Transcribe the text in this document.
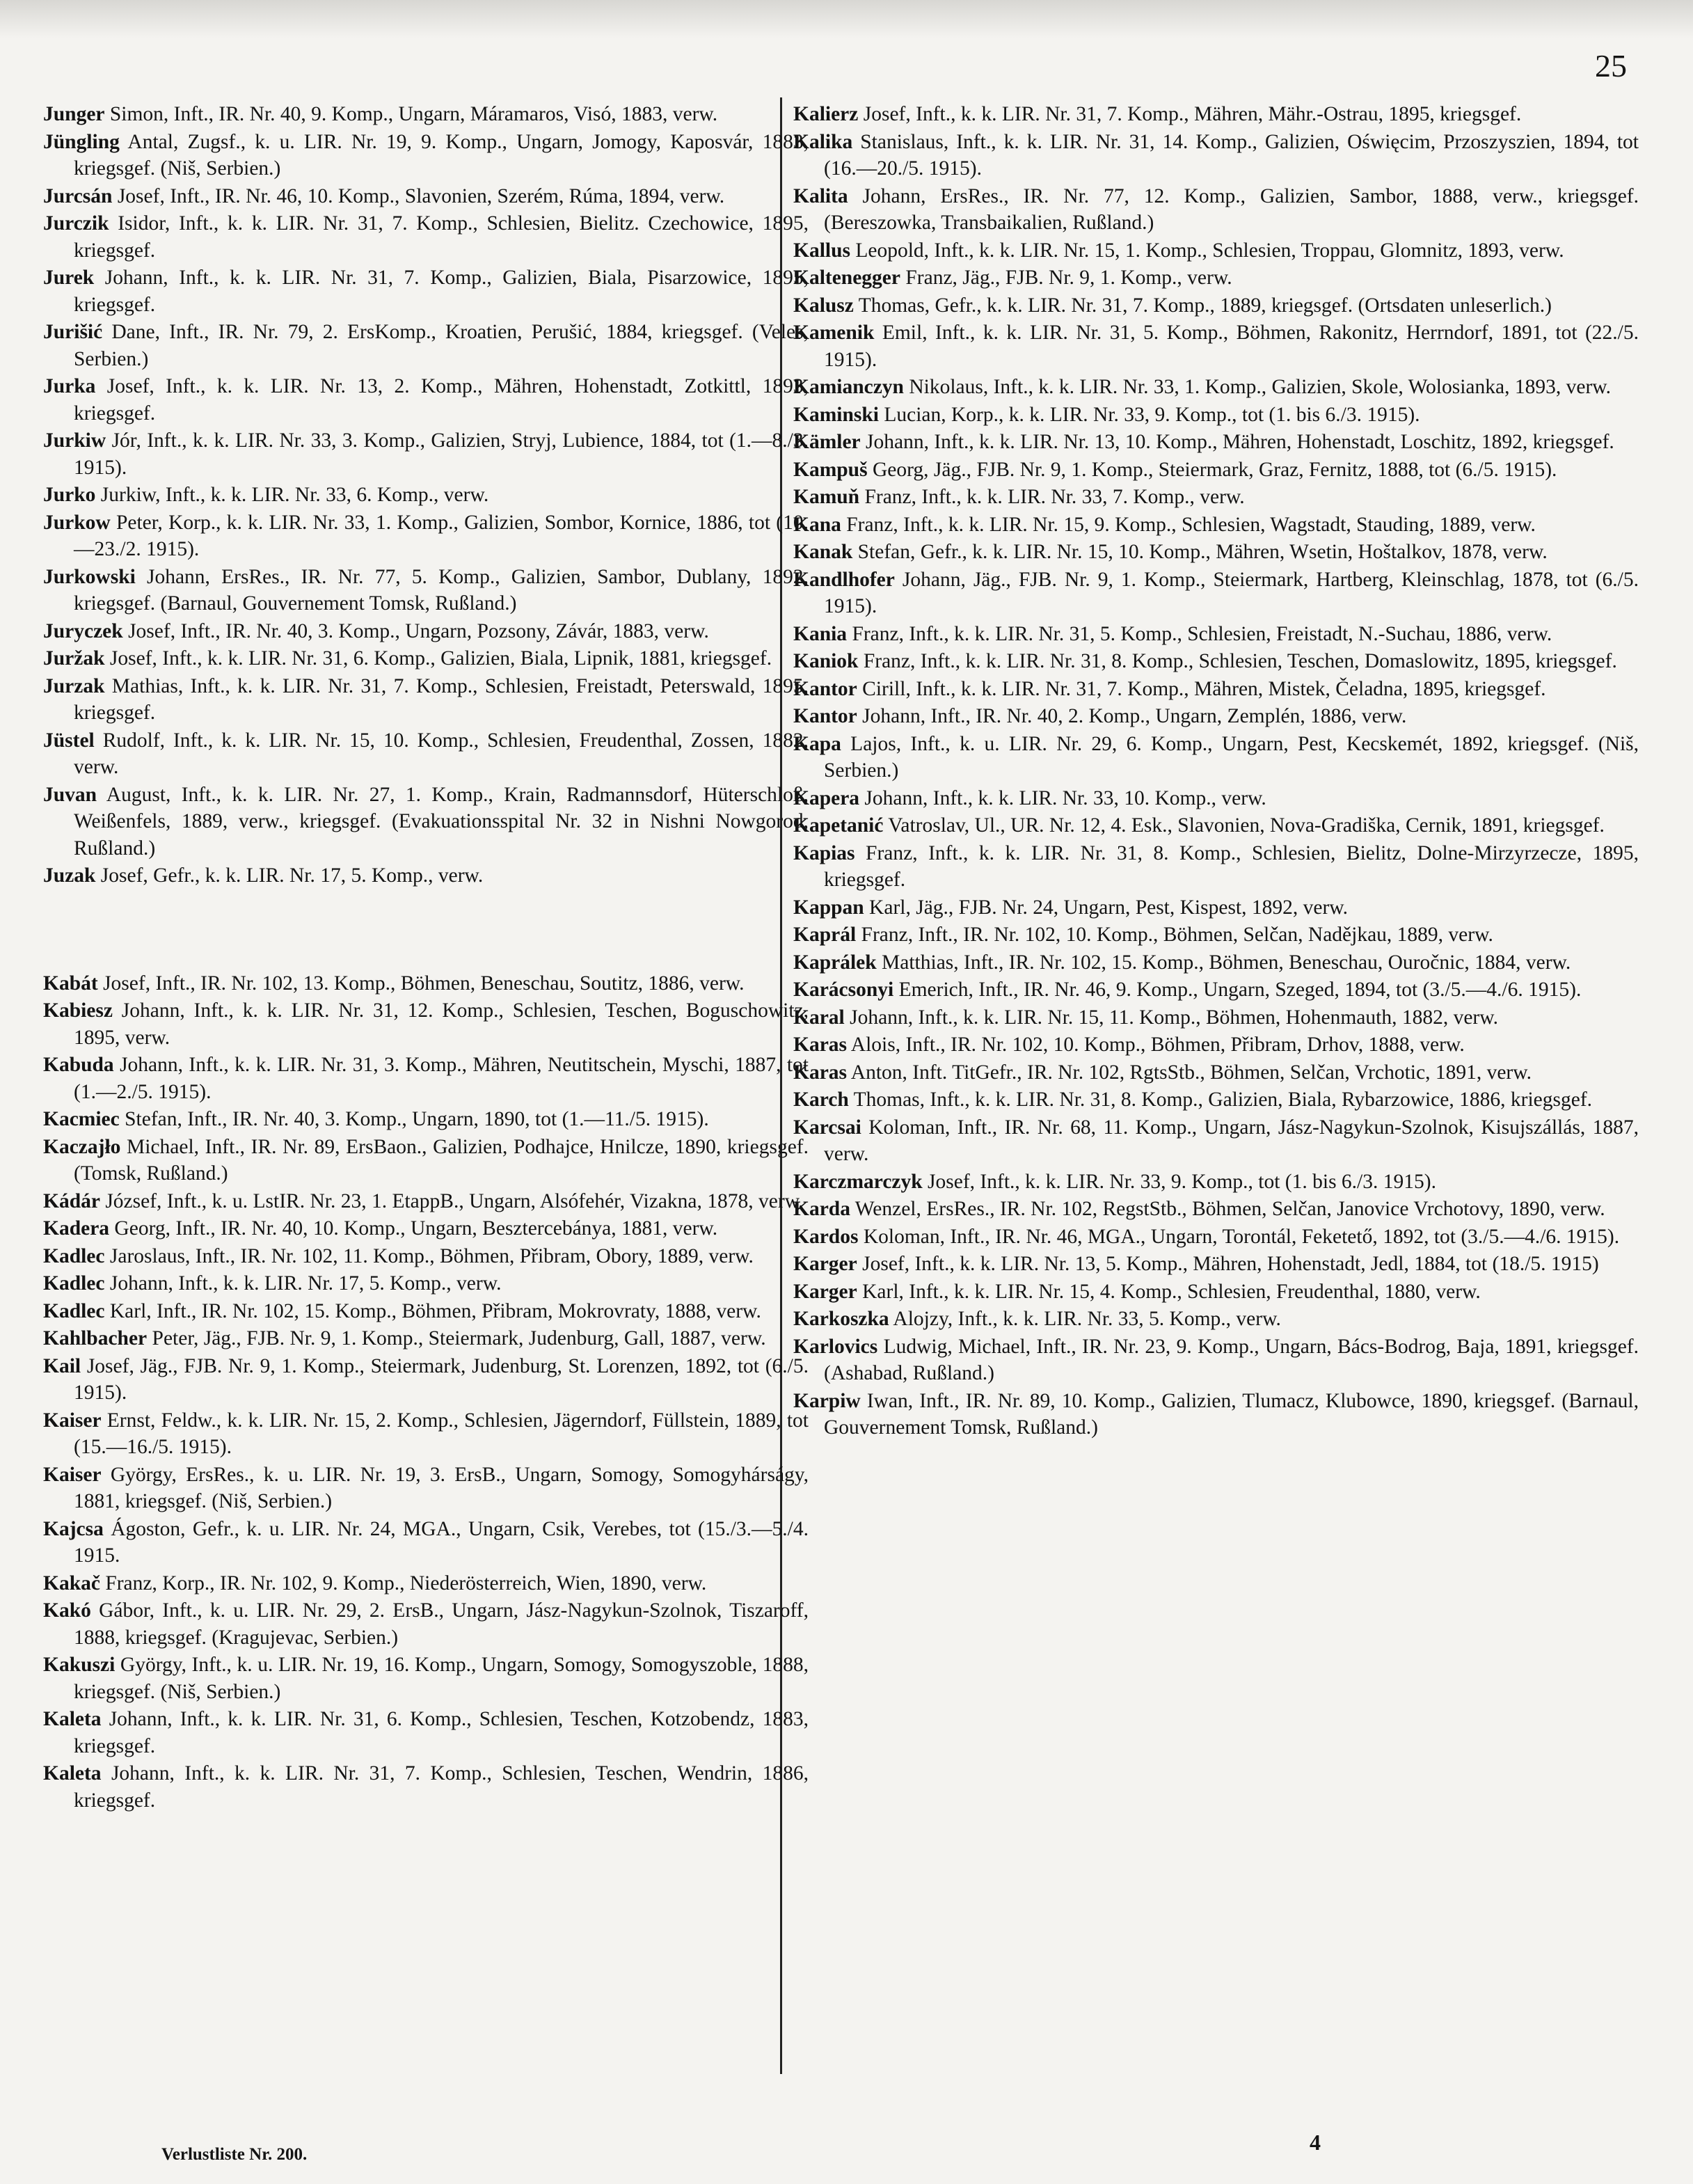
25

Junger Simon, Inft., IR. Nr. 40, 9. Komp., Ungarn, Máramaros, Visó, 1883, verw.

Jüngling Antal, Zugsf., k. u. LIR. Nr. 19, 9. Komp., Ungarn, Jomogy, Kaposvár, 1883, kriegsgef. (Niš, Serbien.)

Jurcsán Josef, Inft., IR. Nr. 46, 10. Komp., Slavonien, Szerém, Rúma, 1894, verw.

Jurczik Isidor, Inft., k. k. LIR. Nr. 31, 7. Komp., Schlesien, Bielitz. Czechowice, 1895, kriegsgef.

Jurek Johann, Inft., k. k. LIR. Nr. 31, 7. Komp., Galizien, Biala, Pisarzowice, 1895, kriegsgef.

Jurišić Dane, Inft., IR. Nr. 79, 2. ErsKomp., Kroatien, Perušić, 1884, kriegsgef. (Veles, Serbien.)

Jurka Josef, Inft., k. k. LIR. Nr. 13, 2. Komp., Mähren, Hohenstadt, Zotkittl, 1893, kriegsgef.

Jurkiw Jór, Inft., k. k. LIR. Nr. 33, 3. Komp., Galizien, Stryj, Lubience, 1884, tot (1.—8./3. 1915).

Jurko Jurkiw, Inft., k. k. LIR. Nr. 33, 6. Komp., verw.

Jurkow Peter, Korp., k. k. LIR. Nr. 33, 1. Komp., Galizien, Sombor, Kornice, 1886, tot (10.—23./2. 1915).

Jurkowski Johann, ErsRes., IR. Nr. 77, 5. Komp., Galizien, Sambor, Dublany, 1892, kriegsgef. (Barnaul, Gouvernement Tomsk, Rußland.)

Juryczek Josef, Inft., IR. Nr. 40, 3. Komp., Ungarn, Pozsony, Závár, 1883, verw.

Juržak Josef, Inft., k. k. LIR. Nr. 31, 6. Komp., Galizien, Biala, Lipnik, 1881, kriegsgef.

Jurzak Mathias, Inft., k. k. LIR. Nr. 31, 7. Komp., Schlesien, Freistadt, Peterswald, 1895, kriegsgef.

Jüstel Rudolf, Inft., k. k. LIR. Nr. 15, 10. Komp., Schlesien, Freudenthal, Zossen, 1882, verw.

Juvan August, Inft., k. k. LIR. Nr. 27, 1. Komp., Krain, Radmannsdorf, Hüterschloß, Weißenfels, 1889, verw., kriegsgef. (Evakuationsspital Nr. 32 in Nishni Nowgorod, Rußland.)

Juzak Josef, Gefr., k. k. LIR. Nr. 17, 5. Komp., verw.

Kabát Josef, Inft., IR. Nr. 102, 13. Komp., Böhmen, Beneschau, Soutitz, 1886, verw.

Kabiesz Johann, Inft., k. k. LIR. Nr. 31, 12. Komp., Schlesien, Teschen, Boguschowitz, 1895, verw.

Kabuda Johann, Inft., k. k. LIR. Nr. 31, 3. Komp., Mähren, Neutitschein, Myschi, 1887, tot (1.—2./5. 1915).

Kacmiec Stefan, Inft., IR. Nr. 40, 3. Komp., Ungarn, 1890, tot (1.—11./5. 1915).

Kaczajło Michael, Inft., IR. Nr. 89, ErsBaon., Galizien, Podhajce, Hnilcze, 1890, kriegsgef. (Tomsk, Rußland.)

Kádár József, Inft., k. u. LstIR. Nr. 23, 1. EtappB., Ungarn, Alsófehér, Vizakna, 1878, verw.

Kadera Georg, Inft., IR. Nr. 40, 10. Komp., Ungarn, Besztercebánya, 1881, verw.

Kadlec Jaroslaus, Inft., IR. Nr. 102, 11. Komp., Böhmen, Přibram, Obory, 1889, verw.

Kadlec Johann, Inft., k. k. LIR. Nr. 17, 5. Komp., verw.

Kadlec Karl, Inft., IR. Nr. 102, 15. Komp., Böhmen, Přibram, Mokrovraty, 1888, verw.

Kahlbacher Peter, Jäg., FJB. Nr. 9, 1. Komp., Steiermark, Judenburg, Gall, 1887, verw.

Kail Josef, Jäg., FJB. Nr. 9, 1. Komp., Steiermark, Judenburg, St. Lorenzen, 1892, tot (6./5. 1915).

Kaiser Ernst, Feldw., k. k. LIR. Nr. 15, 2. Komp., Schlesien, Jägerndorf, Füllstein, 1889, tot (15.—16./5. 1915).

Kaiser György, ErsRes., k. u. LIR. Nr. 19, 3. ErsB., Ungarn, Somogy, Somogyhárságy, 1881, kriegsgef. (Niš, Serbien.)

Kajcsa Ágoston, Gefr., k. u. LIR. Nr. 24, MGA., Ungarn, Csik, Verebes, tot (15./3.—5./4. 1915.

Kakač Franz, Korp., IR. Nr. 102, 9. Komp., Niederösterreich, Wien, 1890, verw.

Kakó Gábor, Inft., k. u. LIR. Nr. 29, 2. ErsB., Ungarn, Jász-Nagykun-Szolnok, Tiszaroff, 1888, kriegsgef. (Kragujevac, Serbien.)

Kakuszi György, Inft., k. u. LIR. Nr. 19, 16. Komp., Ungarn, Somogy, Somogyszoble, 1888, kriegsgef. (Niš, Serbien.)

Kaleta Johann, Inft., k. k. LIR. Nr. 31, 6. Komp., Schlesien, Teschen, Kotzobendz, 1883, kriegsgef.

Kaleta Johann, Inft., k. k. LIR. Nr. 31, 7. Komp., Schlesien, Teschen, Wendrin, 1886, kriegsgef.

Kalierz Josef, Inft., k. k. LIR. Nr. 31, 7. Komp., Mähren, Mähr.-Ostrau, 1895, kriegsgef.

Kalika Stanislaus, Inft., k. k. LIR. Nr. 31, 14. Komp., Galizien, Oświęcim, Przoszyszien, 1894, tot (16.—20./5. 1915).

Kalita Johann, ErsRes., IR. Nr. 77, 12. Komp., Galizien, Sambor, 1888, verw., kriegsgef. (Bereszowka, Transbaikalien, Rußland.)

Kallus Leopold, Inft., k. k. LIR. Nr. 15, 1. Komp., Schlesien, Troppau, Glomnitz, 1893, verw.

Kaltenegger Franz, Jäg., FJB. Nr. 9, 1. Komp., verw.

Kalusz Thomas, Gefr., k. k. LIR. Nr. 31, 7. Komp., 1889, kriegsgef. (Ortsdaten unleserlich.)

Kamenik Emil, Inft., k. k. LIR. Nr. 31, 5. Komp., Böhmen, Rakonitz, Herrndorf, 1891, tot (22./5. 1915).

Kamianczyn Nikolaus, Inft., k. k. LIR. Nr. 33, 1. Komp., Galizien, Skole, Wolosianka, 1893, verw.

Kaminski Lucian, Korp., k. k. LIR. Nr. 33, 9. Komp., tot (1. bis 6./3. 1915).

Kämler Johann, Inft., k. k. LIR. Nr. 13, 10. Komp., Mähren, Hohenstadt, Loschitz, 1892, kriegsgef.

Kampuš Georg, Jäg., FJB. Nr. 9, 1. Komp., Steiermark, Graz, Fernitz, 1888, tot (6./5. 1915).

Kamuň Franz, Inft., k. k. LIR. Nr. 33, 7. Komp., verw.

Kana Franz, Inft., k. k. LIR. Nr. 15, 9. Komp., Schlesien, Wagstadt, Stauding, 1889, verw.

Kanak Stefan, Gefr., k. k. LIR. Nr. 15, 10. Komp., Mähren, Wsetin, Hoštalkov, 1878, verw.

Kandlhofer Johann, Jäg., FJB. Nr. 9, 1. Komp., Steiermark, Hartberg, Kleinschlag, 1878, tot (6./5. 1915).

Kania Franz, Inft., k. k. LIR. Nr. 31, 5. Komp., Schlesien, Freistadt, N.-Suchau, 1886, verw.

Kaniok Franz, Inft., k. k. LIR. Nr. 31, 8. Komp., Schlesien, Teschen, Domaslowitz, 1895, kriegsgef.

Kantor Cirill, Inft., k. k. LIR. Nr. 31, 7. Komp., Mähren, Mistek, Čeladna, 1895, kriegsgef.

Kantor Johann, Inft., IR. Nr. 40, 2. Komp., Ungarn, Zemplén, 1886, verw.

Kapa Lajos, Inft., k. u. LIR. Nr. 29, 6. Komp., Ungarn, Pest, Kecskemét, 1892, kriegsgef. (Niš, Serbien.)

Kapera Johann, Inft., k. k. LIR. Nr. 33, 10. Komp., verw.

Kapetanić Vatroslav, Ul., UR. Nr. 12, 4. Esk., Slavonien, Nova-Gradiška, Cernik, 1891, kriegsgef.

Kapias Franz, Inft., k. k. LIR. Nr. 31, 8. Komp., Schlesien, Bielitz, Dolne-Mirzyrzecze, 1895, kriegsgef.

Kappan Karl, Jäg., FJB. Nr. 24, Ungarn, Pest, Kispest, 1892, verw.

Kaprál Franz, Inft., IR. Nr. 102, 10. Komp., Böhmen, Selčan, Nadějkau, 1889, verw.

Kaprálek Matthias, Inft., IR. Nr. 102, 15. Komp., Böhmen, Beneschau, Ouročnic, 1884, verw.

Karácsonyi Emerich, Inft., IR. Nr. 46, 9. Komp., Ungarn, Szeged, 1894, tot (3./5.—4./6. 1915).

Karal Johann, Inft., k. k. LIR. Nr. 15, 11. Komp., Böhmen, Hohenmauth, 1882, verw.

Karas Alois, Inft., IR. Nr. 102, 10. Komp., Böhmen, Přibram, Drhov, 1888, verw.

Karas Anton, Inft. TitGefr., IR. Nr. 102, RgtsStb., Böhmen, Selčan, Vrchotic, 1891, verw.

Karch Thomas, Inft., k. k. LIR. Nr. 31, 8. Komp., Galizien, Biala, Rybarzowice, 1886, kriegsgef.

Karcsai Koloman, Inft., IR. Nr. 68, 11. Komp., Ungarn, Jász-Nagykun-Szolnok, Kisujszállás, 1887, verw.

Karczmarczyk Josef, Inft., k. k. LIR. Nr. 33, 9. Komp., tot (1. bis 6./3. 1915).

Karda Wenzel, ErsRes., IR. Nr. 102, RegstStb., Böhmen, Selčan, Janovice Vrchotovy, 1890, verw.

Kardos Koloman, Inft., IR. Nr. 46, MGA., Ungarn, Torontál, Feketető, 1892, tot (3./5.—4./6. 1915).

Karger Josef, Inft., k. k. LIR. Nr. 13, 5. Komp., Mähren, Hohenstadt, Jedl, 1884, tot (18./5. 1915)

Karger Karl, Inft., k. k. LIR. Nr. 15, 4. Komp., Schlesien, Freudenthal, 1880, verw.

Karkoszka Alojzy, Inft., k. k. LIR. Nr. 33, 5. Komp., verw.

Karlovics Ludwig, Michael, Inft., IR. Nr. 23, 9. Komp., Ungarn, Bács-Bodrog, Baja, 1891, kriegsgef. (Ashabad, Rußland.)

Karpiw Iwan, Inft., IR. Nr. 89, 10. Komp., Galizien, Tlumacz, Klubowce, 1890, kriegsgef. (Barnaul, Gouvernement Tomsk, Rußland.)

Verlustliste Nr. 200.	4
